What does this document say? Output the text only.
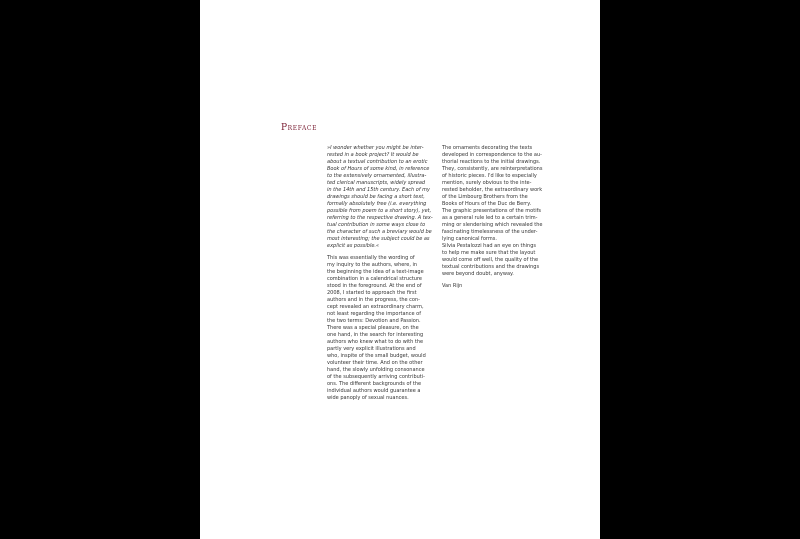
Preface
»I wonder whether you might be inter-
rested in a book project? It would be
about a textual contribution to an erotic
Book of Hours of some kind, in reference
to the extensively ornamented, illustra-
ted clerical manuscripts, widely spread
in the 14th and 15th century. Each of my
drawings should be facing a short text,
formally absolutely free (i.e. everything
possible from poem to a short story), yet,
referring to the respective drawing. A tex-
tual contribution in some ways close to
the character of such a breviary would be
most interesting; the subject could be as
explicit as possible.«
This was essentially the wording of
my inquiry to the authors, where, in
the beginning the idea of a text-image
combination in a calendrical structure
stood in the foreground. At the end of
2008, I started to approach the first
authors and in the progress, the con-
cept revealed an extraordinary charm,
not least regarding the importance of
the two terms: Devotion and Passion.
There was a special pleasure, on the
one hand, in the search for interesting
authors who knew what to do with the
partly very explicit illustrations and
who, inspite of the small budget, would
volunteer their time. And on the other
hand, the slowly unfolding consonance
of the subsequently arriving contributi-
ons. The different backgrounds of the
individual authors would guarantee a
wide panoply of sexual nuances.
The ornaments decorating the texts
developed in correspondence to the au-
thorial reactions to the initial drawings.
They, consistently, are reinterpretations
of historic pieces. I'd like to especially
mention, surely obvious to the inte-
rested beholder, the extraordinary work
of the Limbourg Brothers from the
Books of Hours of the Duc de Berry.
The graphic presentations of the motifs
as a general rule led to a certain trim-
ming or slenderising which revealed the
fascinating timelessness of the under-
lying canonical forms.
Silvia Pestalozzi had an eye on things
to help me make sure that the layout
would come off well, the quality of the
textual contributions and the drawings
were beyond doubt, anyway.
Van Rijn
